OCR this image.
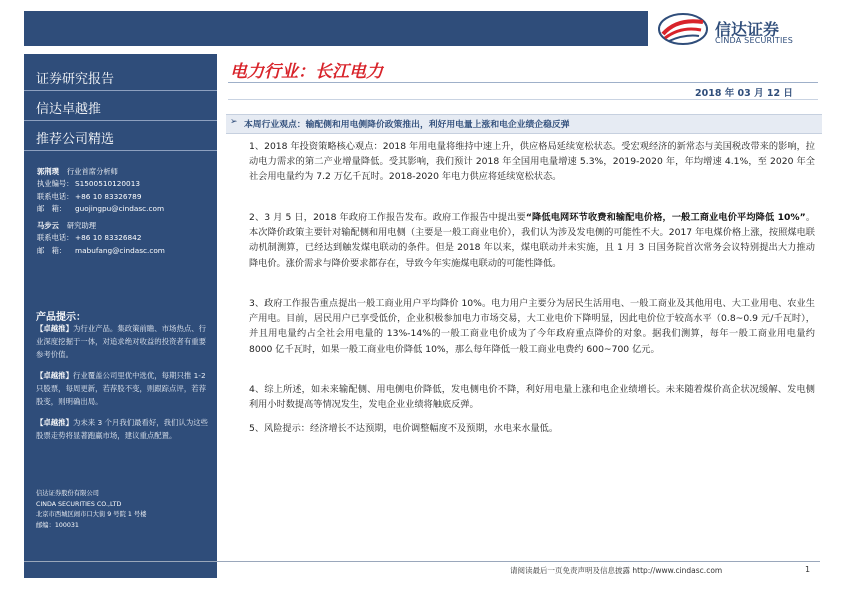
信达证券
CINDA SECURITIES
证券研究报告
信达卓越推
推荐公司精选
郭荆璞 行业首席分析师
执业编号： S1500510120013
联系电话： +86 10 83326789
邮　箱： guojingpu@cindasc.com
马步云 研究助理
联系电话： +86 10 83326842
邮　箱： mabufang@cindasc.com
产品提示：
【卓越推】为行业产品。集政策前瞻、市场热点、行业深度挖掘于一体，对追求绝对收益的投资者有重要参考价值。
【卓越推】行业覆盖公司里优中选优，每期只推 1-2 只股票，每周更新，若荐股不变，则跟踪点评，若荐股变，则明确出局。
【卓越推】为未来 3 个月我们最看好，我们认为这些股票走势将显著跑赢市场，建议重点配置。
信达证券股份有限公司
CINDA SECURITIES CO.,LTD
北京市西城区闹市口大街 9 号院 1 号楼
邮编：100031
电力行业：长江电力
2018 年 03 月 12 日
➢ 本周行业观点：输配侧和用电侧降价政策推出，利好用电量上涨和电企业绩企稳反弹
1、2018 年投资策略核心观点：2018 年用电量将维持中速上升，供应格局延续宽松状态。受宏观经济的新常态与美国税改带来的影响，拉动电力需求的第二产业增量降低。受其影响，我们预计 2018 年全国用电量增速 5.3%，2019-2020 年，年均增速 4.1%，至 2020 年全社会用电量约为 7.2 万亿千瓦时。2018-2020 年电力供应将延续宽松状态。
2、3 月 5 日，2018 年政府工作报告发布。政府工作报告中提出要“降低电网环节收费和输配电价格，一般工商业电价平均降低 10%”。本次降价政策主要针对输配侧和用电侧（主要是一般工商业电价），我们认为涉及发电侧的可能性不大。2017 年电煤价格上涨，按照煤电联动机制测算，已经达到触发煤电联动的条件。但是 2018 年以来，煤电联动并未实施，且 1 月 3 日国务院首次常务会议特别提出大力推动降电价。涨价需求与降价要求都存在，导致今年实施煤电联动的可能性降低。
3、政府工作报告重点提出一般工商业用户平均降价 10%。电力用户主要分为居民生活用电、一般工商业及其他用电、大工业用电、农业生产用电。目前，居民用户已享受低价，企业积极参加电力市场交易，大工业电价下降明显，因此电价位于较高水平（0.8~0.9 元/千瓦时），并且用电量约占全社会用电量的 13%-14%的一般工商业电价成为了今年政府重点降价的对象。据我们测算，每年一般工商业用电量约 8000 亿千瓦时，如果一般工商业电价降低 10%，那么每年降低一般工商业电费约 600~700 亿元。
4、综上所述，如未来输配侧、用电侧电价降低，发电侧电价不降，利好用电量上涨和电企业绩增长。未来随着煤价高企状况缓解、发电侧利用小时数提高等情况发生，发电企业业绩将触底反弹。
5、风险提示：经济增长不达预期，电价调整幅度不及预期，水电来水量低。
请阅读最后一页免责声明及信息披露 http://www.cindasc.com	1
